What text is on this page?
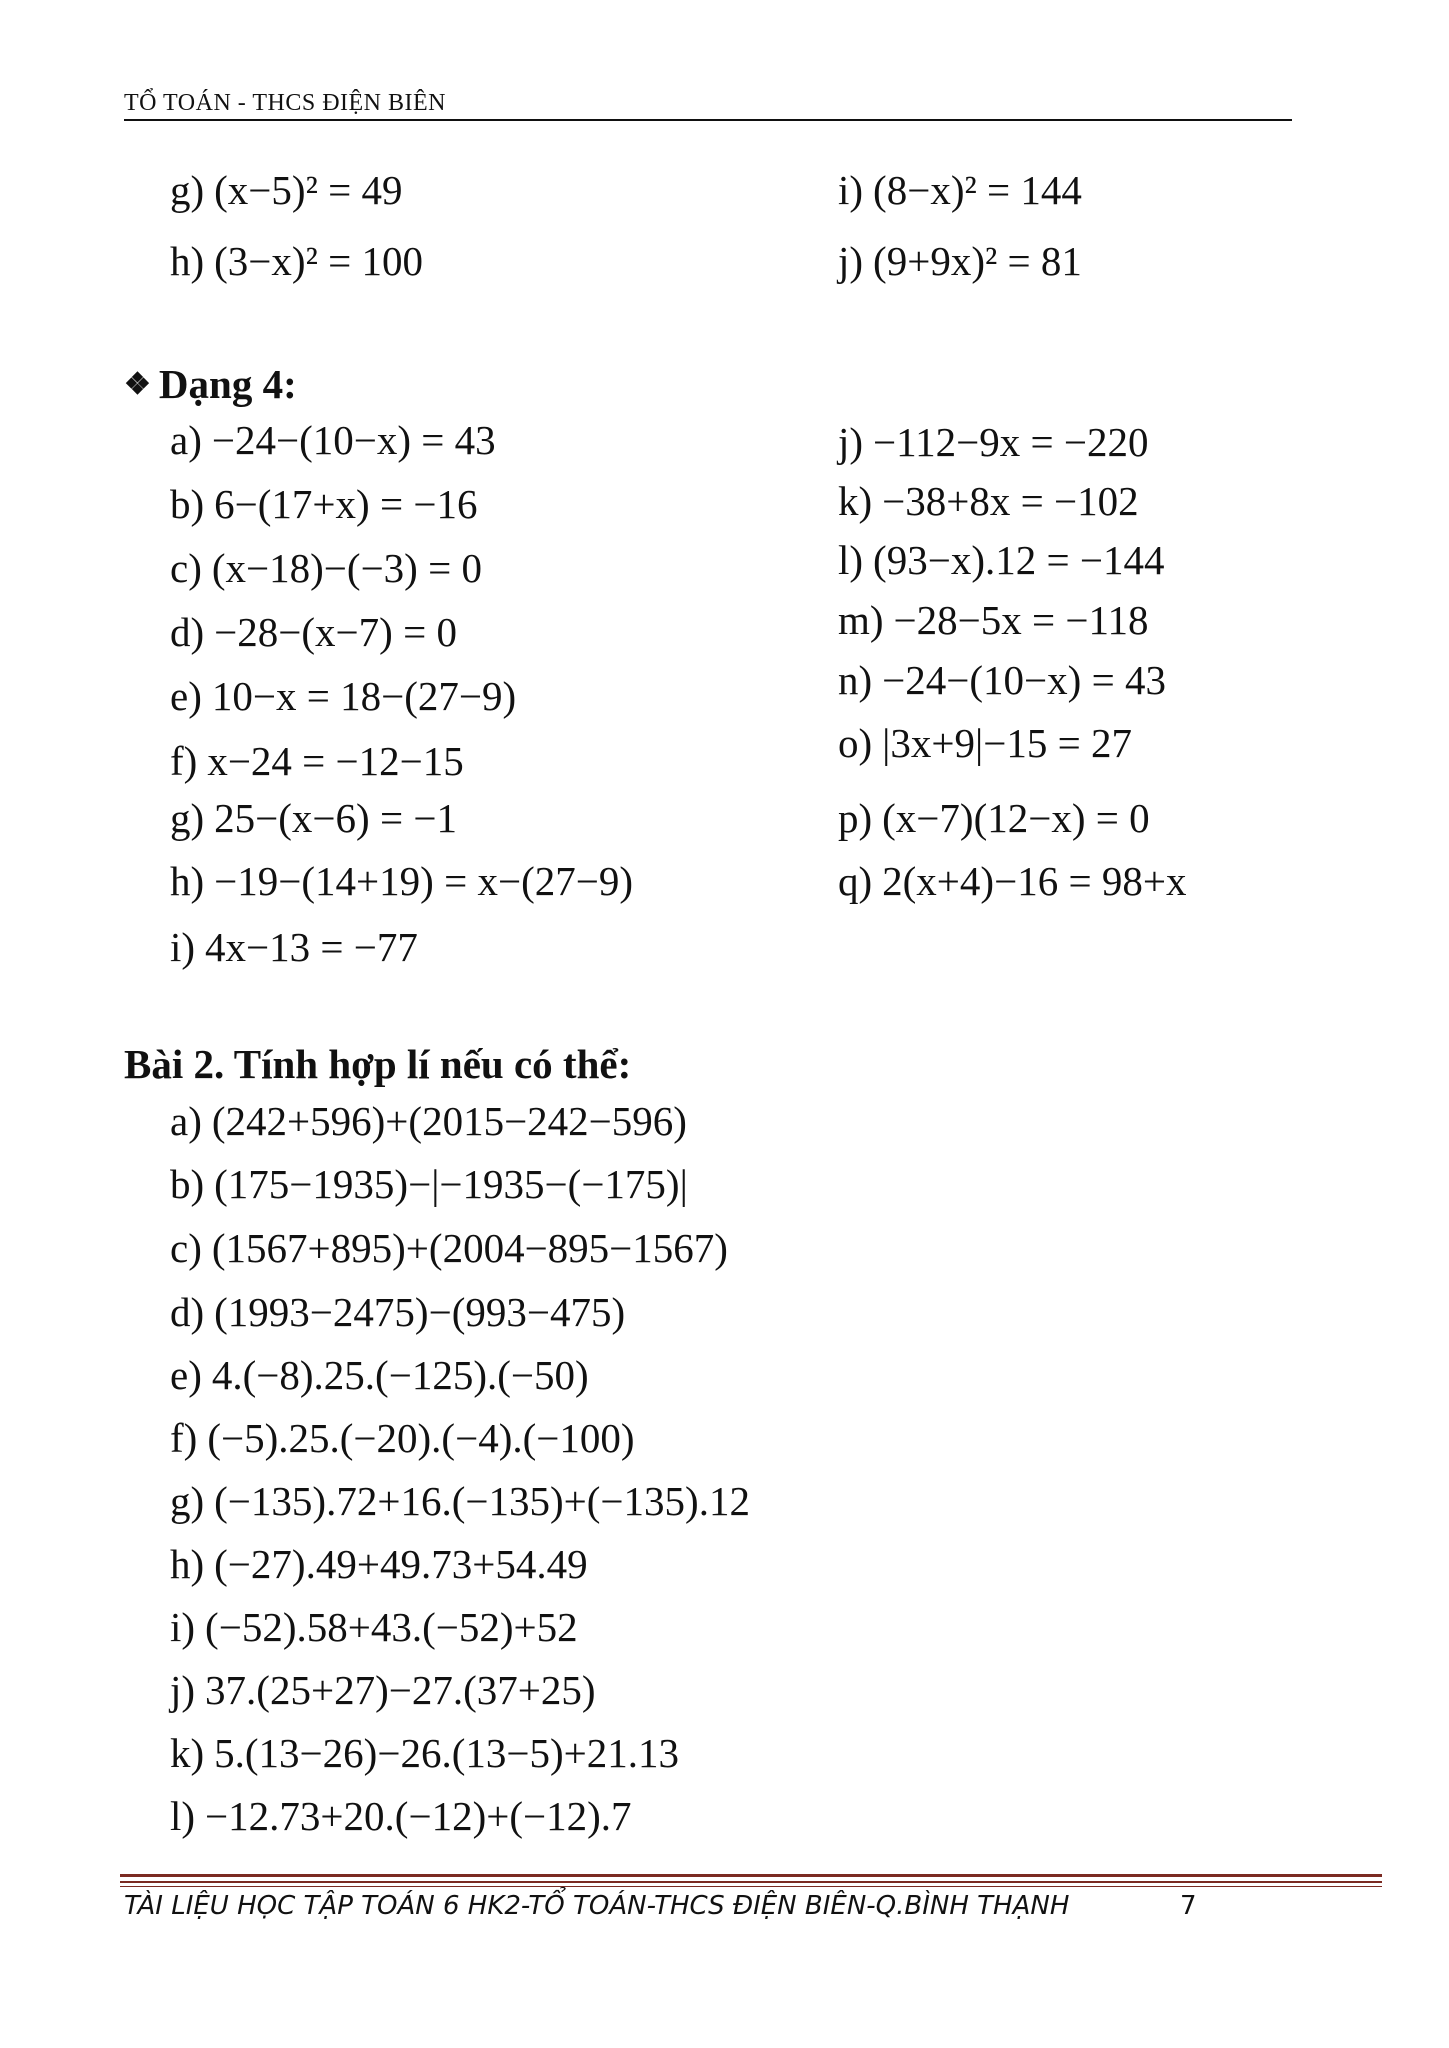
TỔ TOÁN - THCS ĐIỆN BIÊN
g) (x−5)² = 49
h) (3−x)² = 100
i) (8−x)² = 144
j) (9+9x)² = 81
❖ Dạng 4:
a) −24−(10−x) = 43
b) 6−(17+x) = −16
c) (x−18)−(−3) = 0
d) −28−(x−7) = 0
e) 10−x = 18−(27−9)
f) x−24 = −12−15
g) 25−(x−6) = −1
h) −19−(14+19) = x−(27−9)
i) 4x−13 = −77
j) −112−9x = −220
k) −38+8x = −102
l) (93−x).12 = −144
m) −28−5x = −118
n) −24−(10−x) = 43
o) |3x+9|−15 = 27
p) (x−7)(12−x) = 0
q) 2(x+4)−16 = 98+x
Bài 2. Tính hợp lí nếu có thể:
a) (242+596)+(2015−242−596)
b) (175−1935)−|−1935−(−175)|
c) (1567+895)+(2004−895−1567)
d) (1993−2475)−(993−475)
e) 4.(−8).25.(−125).(−50)
f) (−5).25.(−20).(−4).(−100)
g) (−135).72+16.(−135)+(−135).12
h) (−27).49+49.73+54.49
i) (−52).58+43.(−52)+52
j) 37.(25+27)−27.(37+25)
k) 5.(13−26)−26.(13−5)+21.13
l) −12.73+20.(−12)+(−12).7
TÀI LIỆU HỌC TẬP TOÁN 6 HK2-TỔ TOÁN-THCS ĐIỆN BIÊN-Q.BÌNH THẠNH	7
